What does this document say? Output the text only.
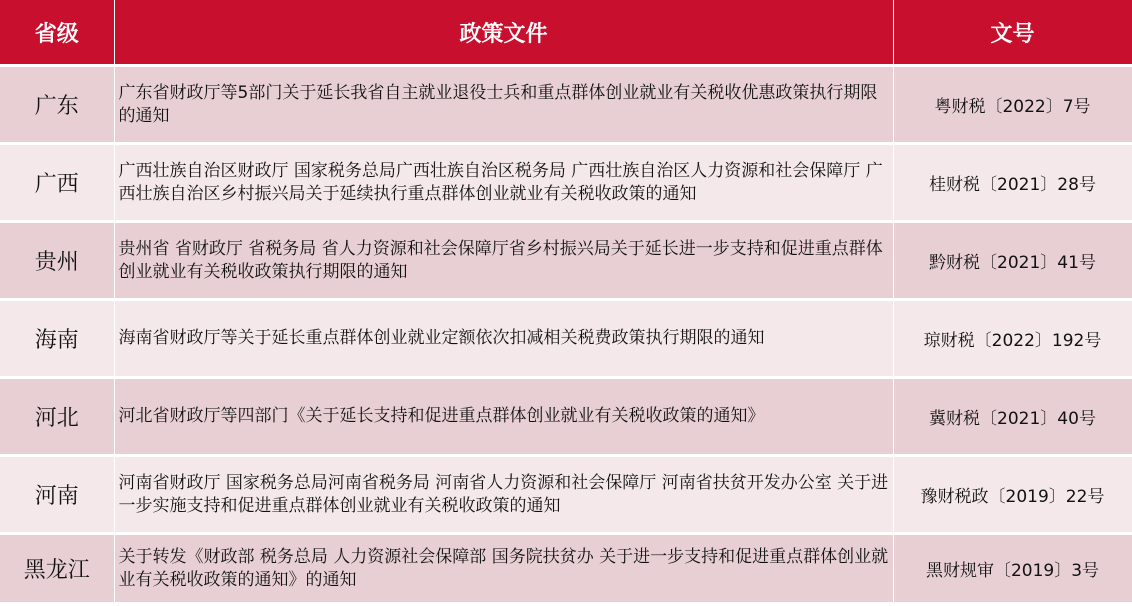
省级	政策文件	文号
广东	广东省财政厅等5部门关于延长我省自主就业退役士兵和重点群体创业就业有关税收优惠政策执行期限的通知	粤财税〔2022〕7号
广西	广西壮族自治区财政厅 国家税务总局广西壮族自治区税务局 广西壮族自治区人力资源和社会保障厅 广西壮族自治区乡村振兴局关于延续执行重点群体创业就业有关税收政策的通知	桂财税〔2021〕28号
贵州	贵州省 省财政厅 省税务局 省人力资源和社会保障厅省乡村振兴局关于延长进一步支持和促进重点群体创业就业有关税收政策执行期限的通知	黔财税〔2021〕41号
海南	海南省财政厅等关于延长重点群体创业就业定额依次扣减相关税费政策执行期限的通知	琼财税〔2022〕192号
河北	河北省财政厅等四部门《关于延长支持和促进重点群体创业就业有关税收政策的通知》	冀财税〔2021〕40号
河南	河南省财政厅 国家税务总局河南省税务局 河南省人力资源和社会保障厅 河南省扶贫开发办公室 关于进一步实施支持和促进重点群体创业就业有关税收政策的通知	豫财税政〔2019〕22号
黑龙江	关于转发《财政部 税务总局 人力资源社会保障部 国务院扶贫办 关于进一步支持和促进重点群体创业就业有关税收政策的通知》的通知	黑财规审〔2019〕3号
